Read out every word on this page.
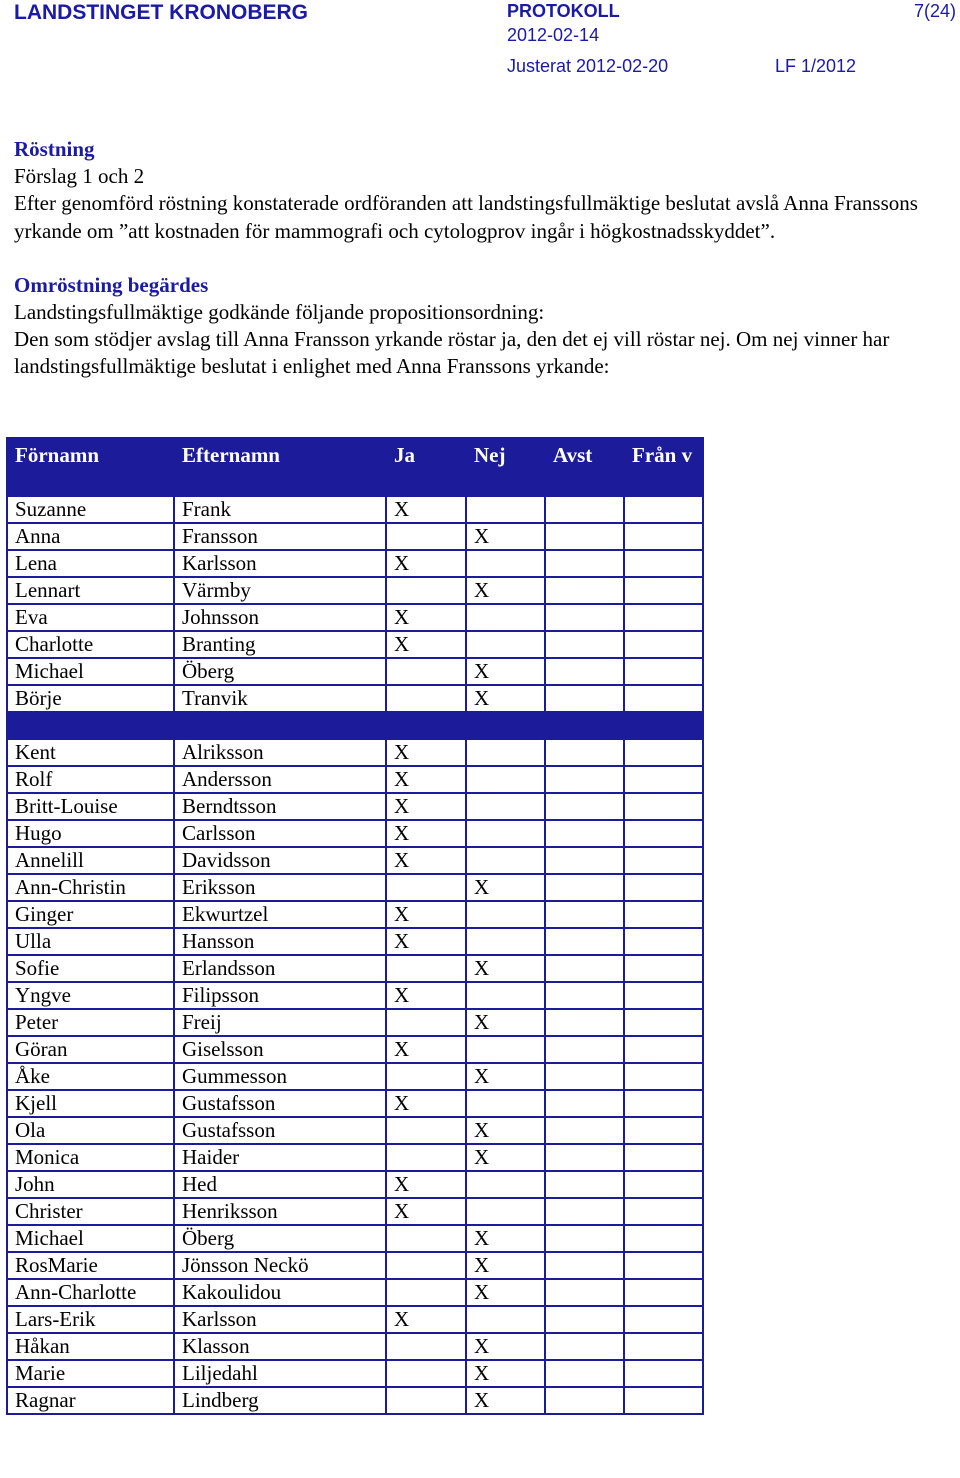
LANDSTINGET KRONOBERG	PROTOKOLL
2012-02-14
Justerat 2012-02-20	LF 1/2012
7(24)

Röstning

Förslag 1 och 2

Efter genomförd röstning konstaterade ordföranden att landstingsfullmäktige beslutat avslå Anna Franssons yrkande om ”att kostnaden för mammografi och cytologprov ingår i högkostnadsskyddet”.

Omröstning begärdes

Landstingsfullmäktige godkände följande propositionsordning:

Den som stödjer avslag till Anna Fransson yrkande röstar ja, den det ej vill röstar nej. Om nej vinner har landstingsfullmäktige beslutat i enlighet med Anna Franssons yrkande:

Förnamn	Efternamn	Ja	Nej	Avst	Från v
Suzanne	Frank	X			
Anna	Fransson		X		
Lena	Karlsson	X			
Lennart	Värmby		X		
Eva	Johnsson	X			
Charlotte	Branting	X			
Michael	Öberg		X		
Börje	Tranvik		X		

Kent	Alriksson	X			
Rolf	Andersson	X			
Britt-Louise	Berndtsson	X			
Hugo	Carlsson	X			
Annelill	Davidsson	X			
Ann-Christin	Eriksson		X		
Ginger	Ekwurtzel	X			
Ulla	Hansson	X			
Sofie	Erlandsson		X		
Yngve	Filipsson	X			
Peter	Freij		X		
Göran	Giselsson	X			
Åke	Gummesson		X		
Kjell	Gustafsson	X			
Ola	Gustafsson		X		
Monica	Haider		X		
John	Hed	X			
Christer	Henriksson	X			
Michael	Öberg		X		
RosMarie	Jönsson Neckö		X		
Ann-Charlotte	Kakoulidou		X		
Lars-Erik	Karlsson	X			
Håkan	Klasson		X		
Marie	Liljedahl		X		
Ragnar	Lindberg		X		
